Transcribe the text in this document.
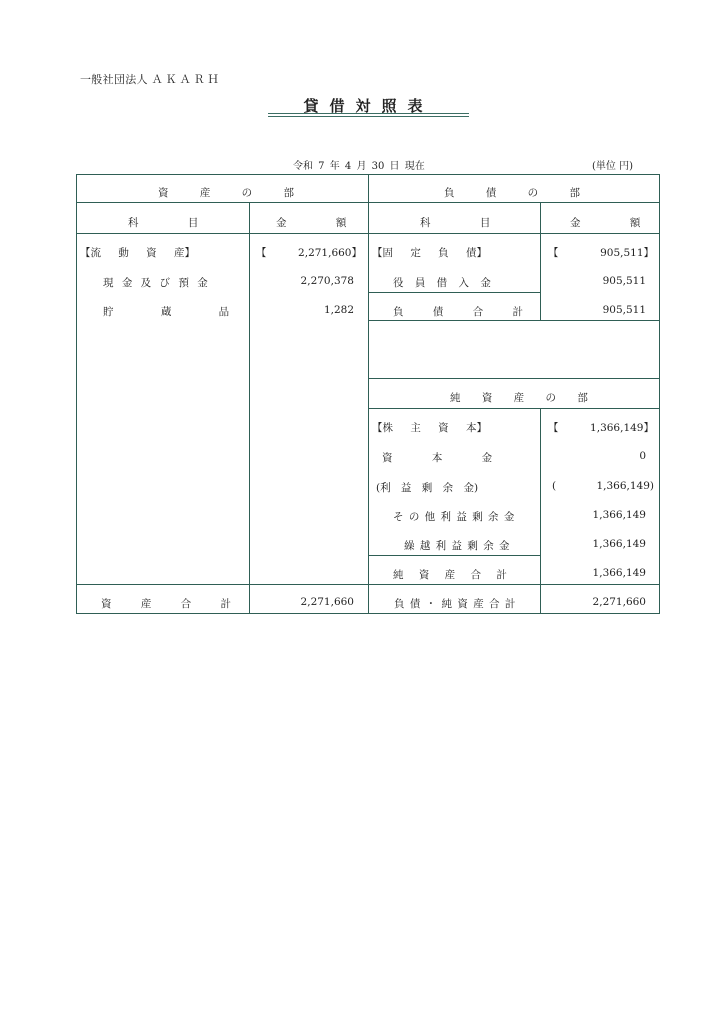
一般社団法人 ＡＫＡＲＨ
貸借対照表
令和 7 年 4 月 30 日 現在	(単位 円)
資 産 の 部	負 債 の 部
純 資 産 の 部
科 目	金 額	科 目	金 額
【流 動 資 産】	【	2,271,660】
現 金 及 び 預 金	2,270,378
貯 蔵 品	1,282
資 産 合 計	2,271,660
【固 定 負 債】	【	905,511】
役 員 借 入 金	905,511
負 債 合 計	905,511
【株 主 資 本】	【	1,366,149】
資 本 金	0
(利 益 剰 余 金)	(	1,366,149)
そ の 他 利 益 剰 余 金	1,366,149
繰 越 利 益 剰 余 金	1,366,149
純 資 産 合 計	1,366,149
負 債 ・ 純 資 産 合 計	2,271,660
